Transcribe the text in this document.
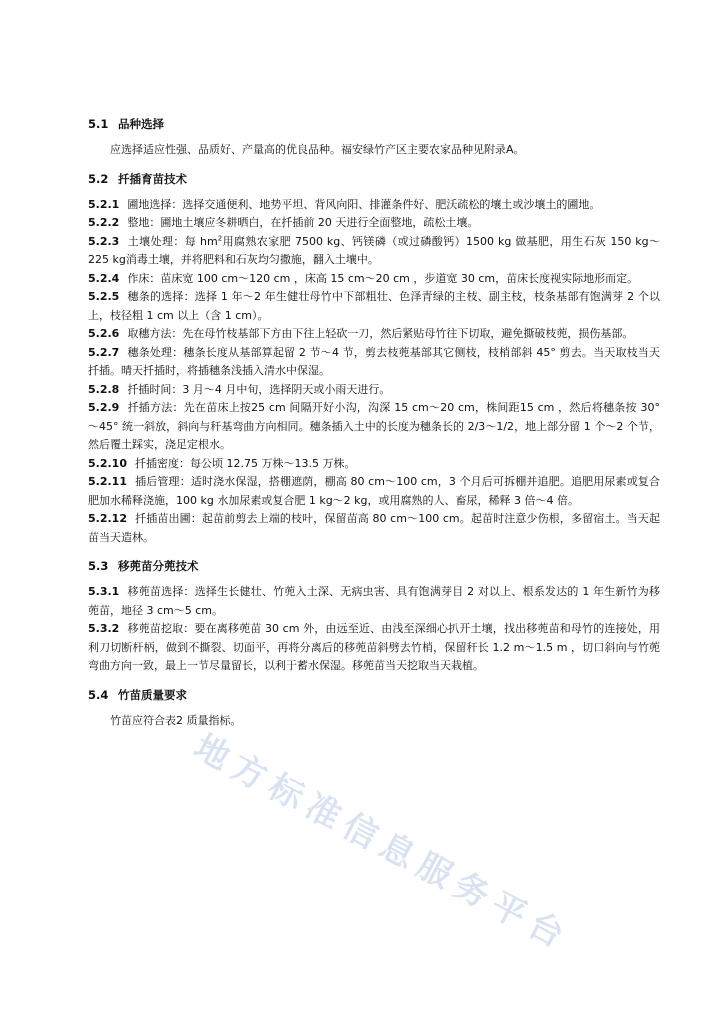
地方标准信息服务平台
5.1 品种选择

应选择适应性强、品质好、产量高的优良品种。福安绿竹产区主要农家品种见附录A。

5.2 扦插育苗技术

5.2.1 圃地选择：选择交通便利、地势平坦、背风向阳、排灌条件好、肥沃疏松的壤土或沙壤土的圃地。

5.2.2 整地：圃地土壤应冬耕晒白，在扦插前 20 天进行全面整地，疏松土壤。

5.2.3 土壤处理：每 $hm^2$用腐熟农家肥 7500 kg、钙镁磷（或过磷酸钙）1500 kg 做基肥，用生石灰 150 kg～225 kg消毒土壤，并将肥料和石灰均匀撒施，翻入土壤中。

5.2.4 作床：苗床宽 100 cm～120 cm ，床高 15 cm～20 cm ，步道宽 30 cm，苗床长度视实际地形而定。

5.2.5 穗条的选择：选择 1 年～2 年生健壮母竹中下部粗壮、色泽青绿的主枝、副主枝，枝条基部有饱满芽 2 个以上，枝径粗 1 cm 以上（含 1 cm）。

5.2.6 取穗方法：先在母竹枝基部下方由下往上轻砍一刀，然后紧贴母竹往下切取，避免撕破枝蔸，损伤基部。

5.2.7 穗条处理：穗条长度从基部算起留 2 节～4 节，剪去枝蔸基部其它侧枝，枝梢部斜 45° 剪去。当天取枝当天扦插。晴天扦插时，将插穗条浅插入清水中保湿。

5.2.8 扦插时间：3 月～4 月中旬，选择阴天或小雨天进行。

5.2.9 扦插方法：先在苗床上按25 cm 间隔开好小沟，沟深 15 cm～20 cm，株间距15 cm ，然后将穗条按 30° ～45° 统一斜放，斜向与秆基弯曲方向相同。穗条插入土中的长度为穗条长的 2/3～1/2，地上部分留 1 个～2 个节，然后覆土踩实，浇足定根水。

5.2.10 扦插密度：每公顷 12.75 万株～13.5 万株。

5.2.11 插后管理：适时浇水保湿，搭棚遮荫，棚高 80 cm～100 cm，3 个月后可拆棚并追肥。追肥用尿素或复合肥加水稀释浇施，100 kg 水加尿素或复合肥 1 kg～2 kg，或用腐熟的人、畜尿，稀释 3 倍～4 倍。

5.2.12 扦插苗出圃：起苗前剪去上端的枝叶，保留苗高 80 cm～100 cm。起苗时注意少伤根，多留宿土。当天起苗当天造林。

5.3 移蔸苗分蔸技术

5.3.1 移蔸苗选择：选择生长健壮、竹蔸入土深、无病虫害、具有饱满芽目 2 对以上、根系发达的 1 年生新竹为移蔸苗，地径 3 cm～5 cm。

5.3.2 移蔸苗挖取：要在离移蔸苗 30 cm 外，由远至近、由浅至深细心扒开土壤，找出移蔸苗和母竹的连接处，用利刀切断杆柄，做到不撕裂、切面平，再将分离后的移蔸苗斜劈去竹梢，保留秆长 1.2 m～1.5 m ，切口斜向与竹蔸弯曲方向一致，最上一节尽量留长，以利于蓄水保湿。移蔸苗当天挖取当天栽植。

5.4 竹苗质量要求

竹苗应符合表2 质量指标。
